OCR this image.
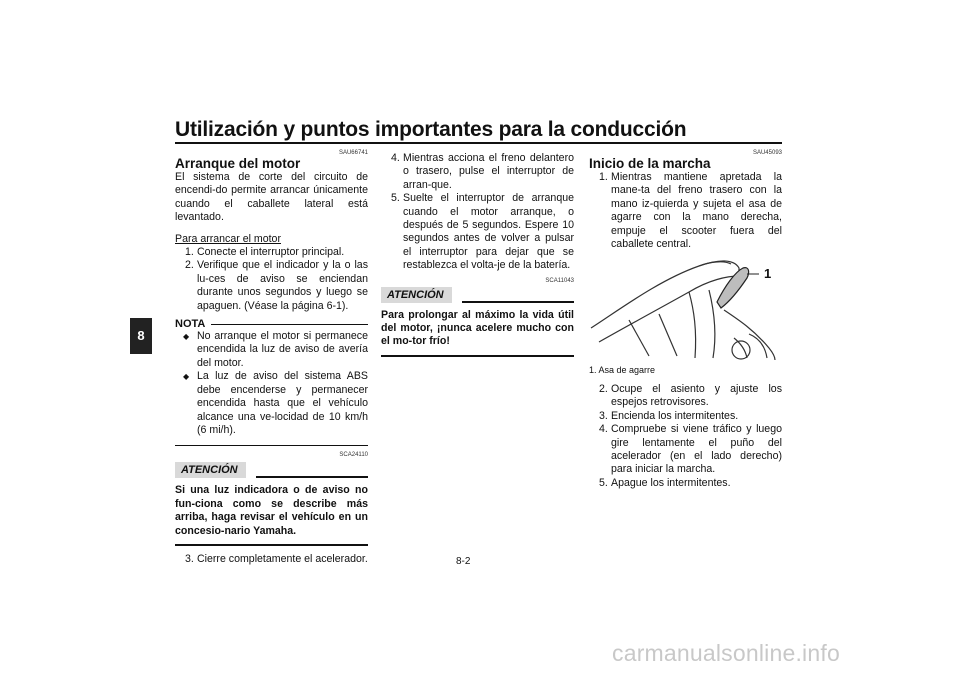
Utilización y puntos importantes para la conducción
8
SAU66741
Arranque del motor
El sistema de corte del circuito de encendi-do permite arrancar únicamente cuando el caballete lateral está levantado.
Para arrancar el motor
1. Conecte el interruptor principal.
2. Verifique que el indicador y la o las lu-ces de aviso se enciendan durante unos segundos y luego se apaguen. (Véase la página 6-1).
NOTA
◆ No arranque el motor si permanece encendida la luz de aviso de avería del motor.
◆ La luz de aviso del sistema ABS debe encenderse y permanecer encendida hasta que el vehículo alcance una ve-locidad de 10 km/h (6 mi/h).
SCA24110
ATENCIÓN
Si una luz indicadora o de aviso no fun-ciona como se describe más arriba, haga revisar el vehículo en un concesio-nario Yamaha.
3. Cierre completamente el acelerador.
4. Mientras acciona el freno delantero o trasero, pulse el interruptor de arran-que.
5. Suelte el interruptor de arranque cuando el motor arranque, o después de 5 segundos. Espere 10 segundos antes de volver a pulsar el interruptor para dejar que se restablezca el volta-je de la batería.
SCA11043
ATENCIÓN
Para prolongar al máximo la vida útil del motor, ¡nunca acelere mucho con el mo-tor frío!
SAU45093
Inicio de la marcha
1. Mientras mantiene apretada la mane-ta del freno trasero con la mano iz-quierda y sujeta el asa de agarre con la mano derecha, empuje el scooter fuera del caballete central.
1
1. Asa de agarre
2. Ocupe el asiento y ajuste los espejos retrovisores.
3. Encienda los intermitentes.
4. Compruebe si viene tráfico y luego gire lentamente el puño del acelerador (en el lado derecho) para iniciar la marcha.
5. Apague los intermitentes.
8-2
carmanualsonline.info
